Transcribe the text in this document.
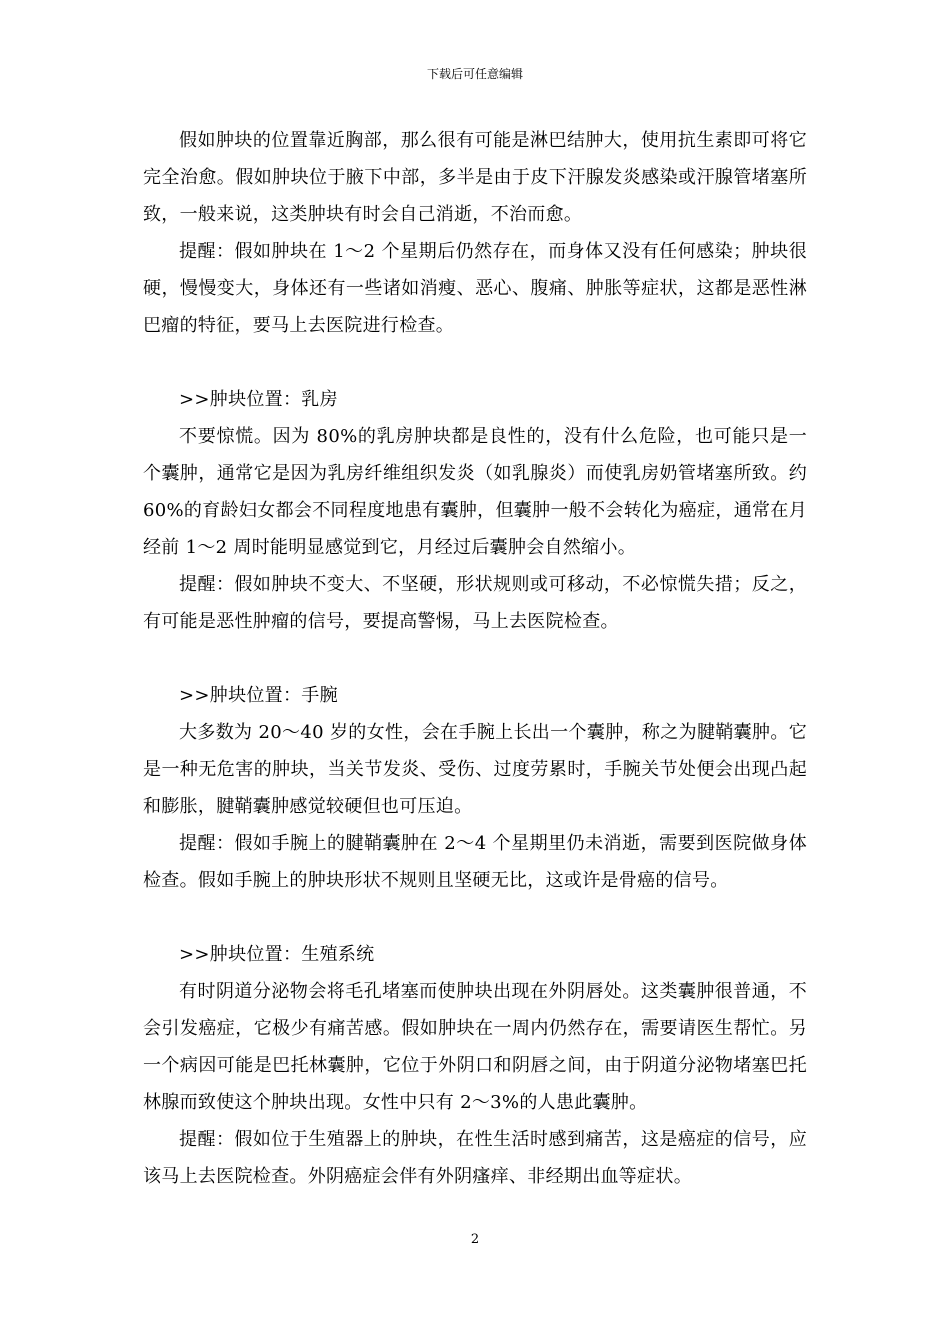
下载后可任意编辑

假如肿块的位置靠近胸部，那么很有可能是淋巴结肿大，使用抗生素即可将它完全治愈。假如肿块位于腋下中部，多半是由于皮下汗腺发炎感染或汗腺管堵塞所致，一般来说，这类肿块有时会自己消逝，不治而愈。

提醒：假如肿块在 1～2 个星期后仍然存在，而身体又没有任何感染；肿块很硬，慢慢变大，身体还有一些诸如消瘦、恶心、腹痛、肿胀等症状，这都是恶性淋巴瘤的特征，要马上去医院进行检查。

>>肿块位置：乳房

不要惊慌。因为 80%的乳房肿块都是良性的，没有什么危险，也可能只是一个囊肿，通常它是因为乳房纤维组织发炎（如乳腺炎）而使乳房奶管堵塞所致。约 60%的育龄妇女都会不同程度地患有囊肿，但囊肿一般不会转化为癌症，通常在月经前 1～2 周时能明显感觉到它，月经过后囊肿会自然缩小。

提醒：假如肿块不变大、不坚硬，形状规则或可移动，不必惊慌失措；反之，有可能是恶性肿瘤的信号，要提高警惕，马上去医院检查。

>>肿块位置：手腕

大多数为 20～40 岁的女性，会在手腕上长出一个囊肿，称之为腱鞘囊肿。它是一种无危害的肿块，当关节发炎、受伤、过度劳累时，手腕关节处便会出现凸起和膨胀，腱鞘囊肿感觉较硬但也可压迫。

提醒：假如手腕上的腱鞘囊肿在 2～4 个星期里仍未消逝，需要到医院做身体检查。假如手腕上的肿块形状不规则且坚硬无比，这或许是骨癌的信号。

>>肿块位置：生殖系统

有时阴道分泌物会将毛孔堵塞而使肿块出现在外阴唇处。这类囊肿很普通，不会引发癌症，它极少有痛苦感。假如肿块在一周内仍然存在，需要请医生帮忙。另一个病因可能是巴托林囊肿，它位于外阴口和阴唇之间，由于阴道分泌物堵塞巴托林腺而致使这个肿块出现。女性中只有 2～3%的人患此囊肿。

提醒：假如位于生殖器上的肿块，在性生活时感到痛苦，这是癌症的信号，应该马上去医院检查。外阴癌症会伴有外阴瘙痒、非经期出血等症状。

2
